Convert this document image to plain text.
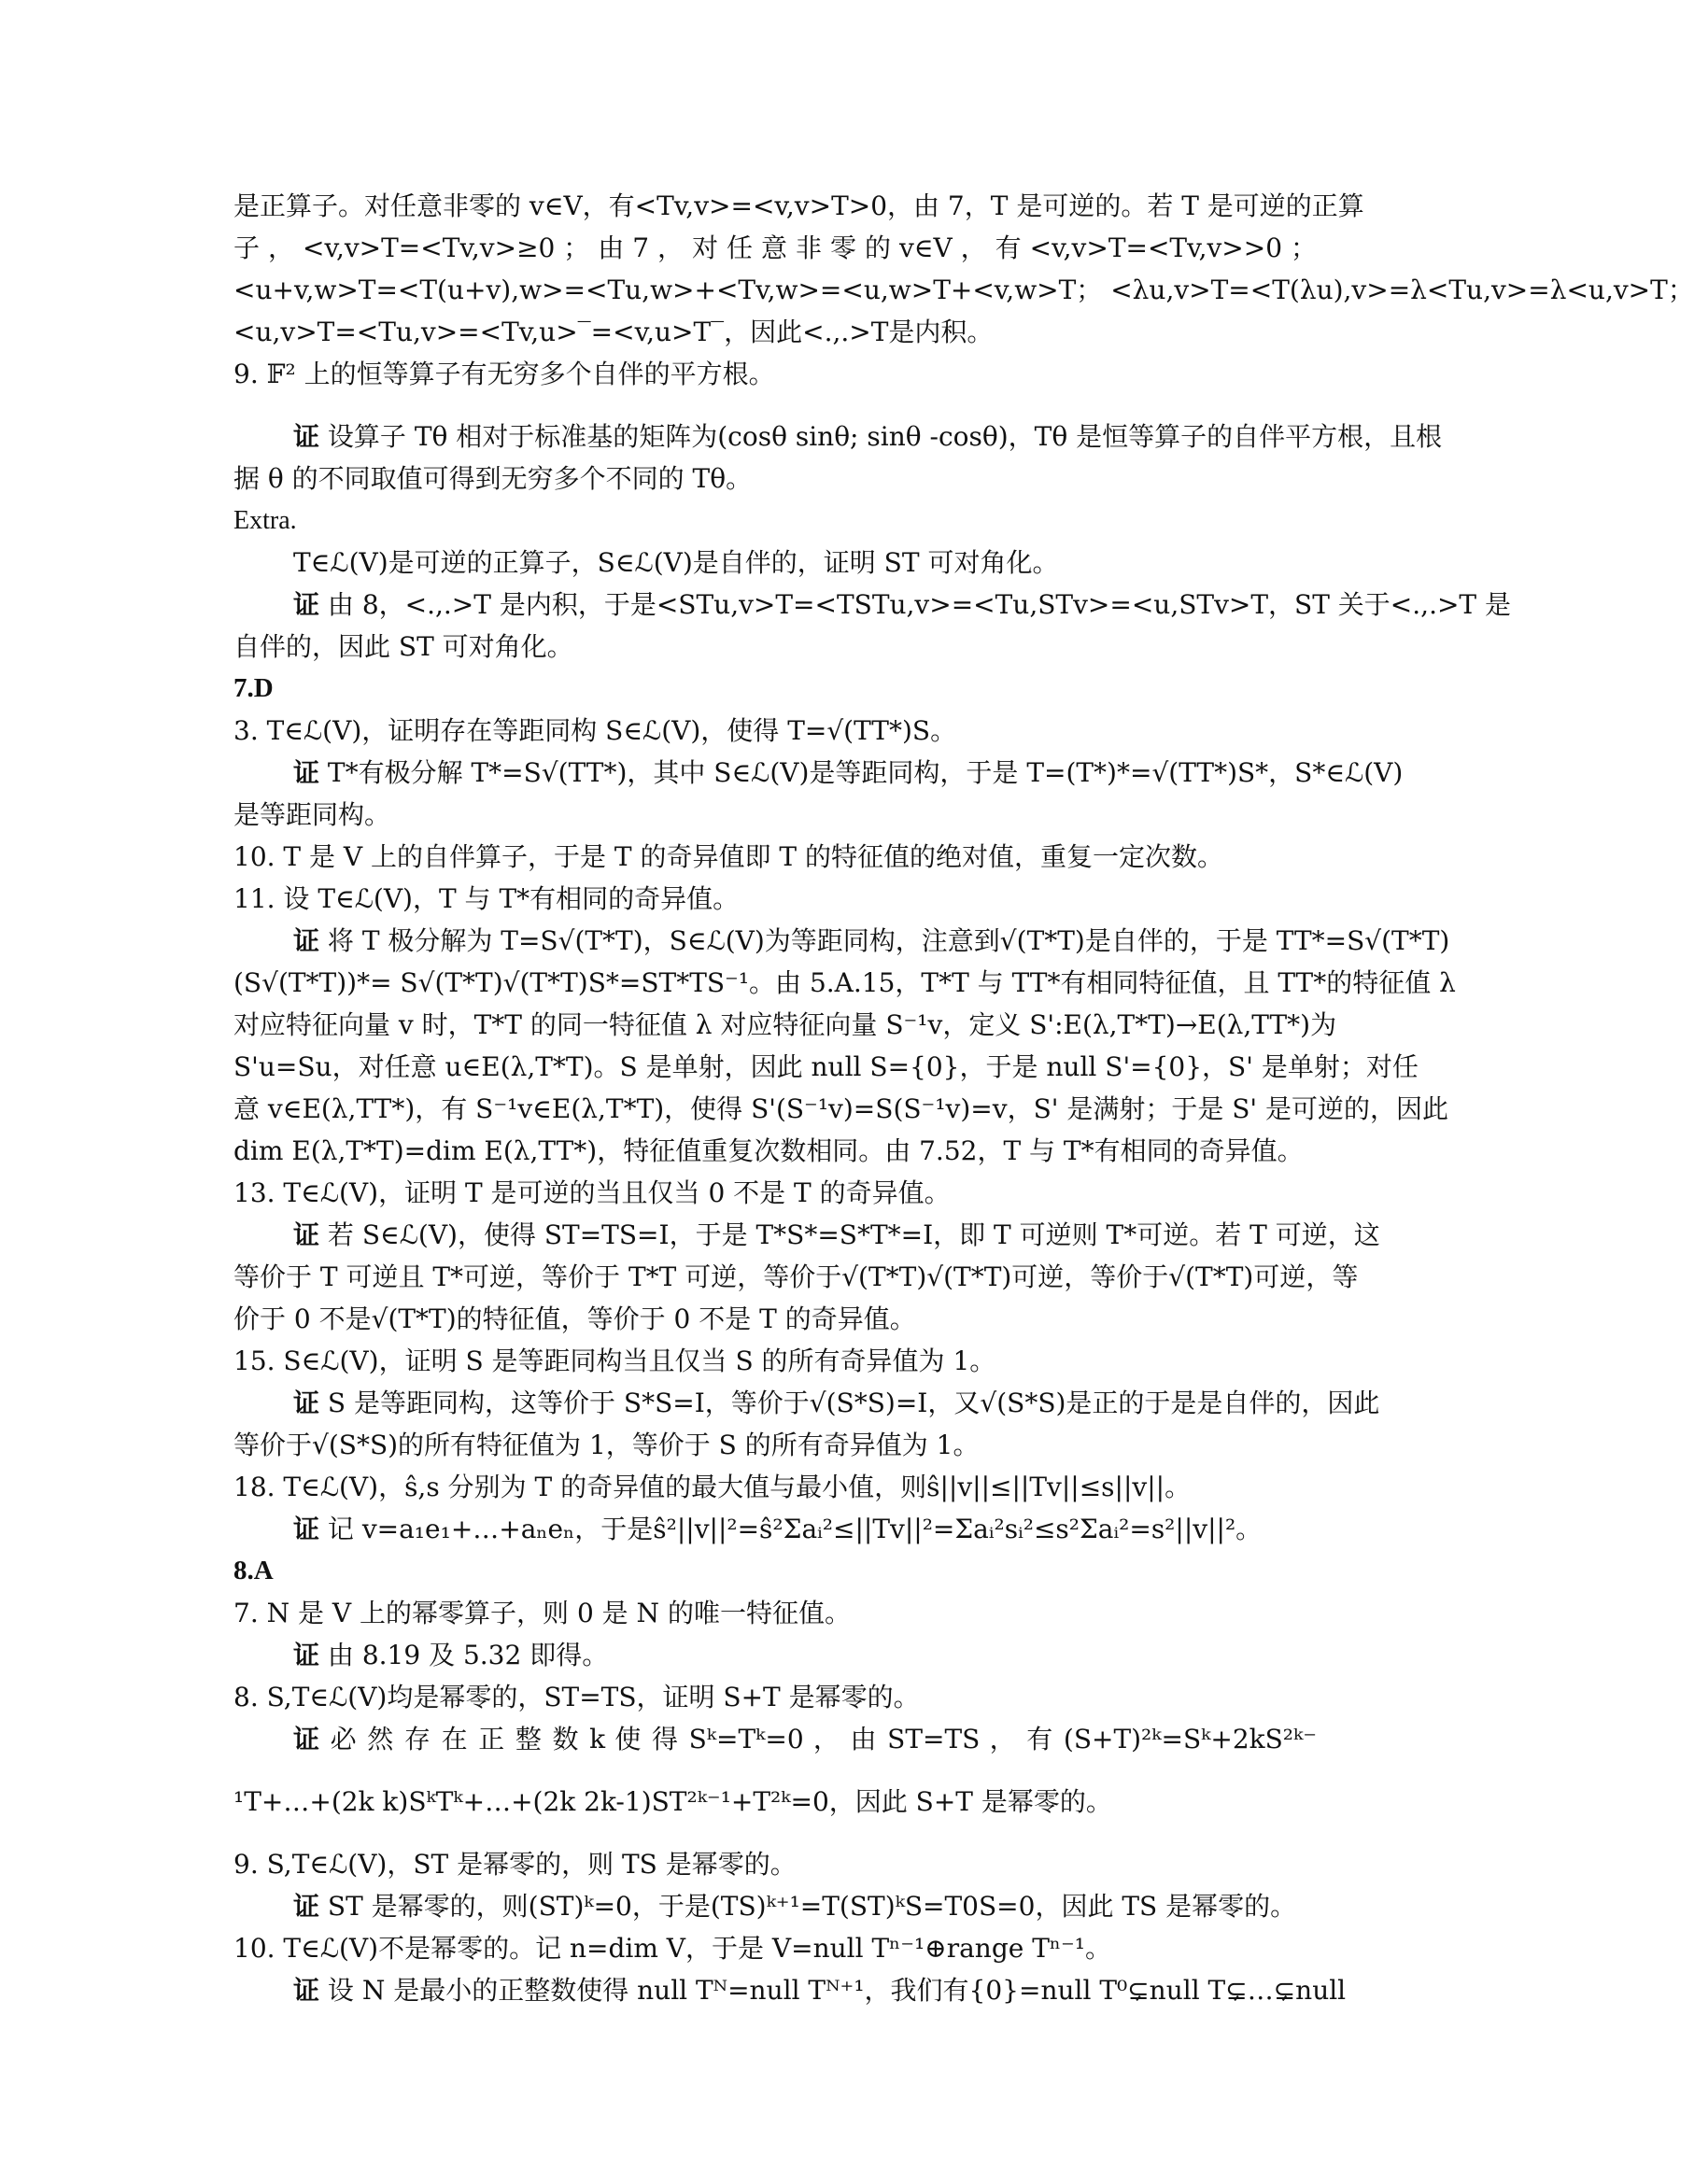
是正算子。对任意非零的 v∈V，有<Tv,v>=<v,v>T>0，由 7，T 是可逆的。若 T 是可逆的正算
子 ， <v,v>T=<Tv,v>≥0 ； 由 7 ， 对 任 意 非 零 的 v∈V ， 有 <v,v>T=<Tv,v>>0 ；
<u+v,w>T=<T(u+v),w>=<Tu,w>+<Tv,w>=<u,w>T+<v,w>T； <λu,v>T=<T(λu),v>=λ<Tu,v>=λ<u,v>T；
<u,v>T=<Tu,v>=<Tv,u>‾=<v,u>T‾，因此<.,.>T是内积。
9. 𝔽² 上的恒等算子有无穷多个自伴的平方根。
证 设算子 Tθ 相对于标准基的矩阵为(cosθ sinθ; sinθ -cosθ)，Tθ 是恒等算子的自伴平方根，且根
据 θ 的不同取值可得到无穷多个不同的 Tθ。
Extra.
T∈ℒ(V)是可逆的正算子，S∈ℒ(V)是自伴的，证明 ST 可对角化。
证 由 8，<.,.>T 是内积，于是<STu,v>T=<TSTu,v>=<Tu,STv>=<u,STv>T，ST 关于<.,.>T 是
自伴的，因此 ST 可对角化。
7.D
3. T∈ℒ(V)，证明存在等距同构 S∈ℒ(V)，使得 T=√(TT*)S。
证 T*有极分解 T*=S√(TT*)，其中 S∈ℒ(V)是等距同构，于是 T=(T*)*=√(TT*)S*，S*∈ℒ(V)
是等距同构。
10. T 是 V 上的自伴算子，于是 T 的奇异值即 T 的特征值的绝对值，重复一定次数。
11. 设 T∈ℒ(V)，T 与 T*有相同的奇异值。
证 将 T 极分解为 T=S√(T*T)，S∈ℒ(V)为等距同构，注意到√(T*T)是自伴的，于是 TT*=S√(T*T)
(S√(T*T))*= S√(T*T)√(T*T)S*=ST*TS⁻¹。由 5.A.15，T*T 与 TT*有相同特征值，且 TT*的特征值 λ
对应特征向量 v 时，T*T 的同一特征值 λ 对应特征向量 S⁻¹v，定义 S':E(λ,T*T)→E(λ,TT*)为
S'u=Su，对任意 u∈E(λ,T*T)。S 是单射，因此 null S={0}，于是 null S'={0}，S' 是单射；对任
意 v∈E(λ,TT*)，有 S⁻¹v∈E(λ,T*T)，使得 S'(S⁻¹v)=S(S⁻¹v)=v，S' 是满射；于是 S' 是可逆的，因此
dim E(λ,T*T)=dim E(λ,TT*)，特征值重复次数相同。由 7.52，T 与 T*有相同的奇异值。
13. T∈ℒ(V)，证明 T 是可逆的当且仅当 0 不是 T 的奇异值。
证 若 S∈ℒ(V)，使得 ST=TS=I，于是 T*S*=S*T*=I，即 T 可逆则 T*可逆。若 T 可逆，这
等价于 T 可逆且 T*可逆，等价于 T*T 可逆，等价于√(T*T)√(T*T)可逆，等价于√(T*T)可逆，等
价于 0 不是√(T*T)的特征值，等价于 0 不是 T 的奇异值。
15. S∈ℒ(V)，证明 S 是等距同构当且仅当 S 的所有奇异值为 1。
证 S 是等距同构，这等价于 S*S=I，等价于√(S*S)=I，又√(S*S)是正的于是是自伴的，因此
等价于√(S*S)的所有特征值为 1，等价于 S 的所有奇异值为 1。
18. T∈ℒ(V)，ŝ,s 分别为 T 的奇异值的最大值与最小值，则ŝ||v||≤||Tv||≤s||v||。
证 记 v=a₁e₁+…+aₙeₙ，于是ŝ²||v||²=ŝ²Σaᵢ²≤||Tv||²=Σaᵢ²sᵢ²≤s²Σaᵢ²=s²||v||²。
8.A
7. N 是 V 上的幂零算子，则 0 是 N 的唯一特征值。
证 由 8.19 及 5.32 即得。
8. S,T∈ℒ(V)均是幂零的，ST=TS，证明 S+T 是幂零的。
证 必 然 存 在 正 整 数 k 使 得 Sᵏ=Tᵏ=0 ， 由 ST=TS ， 有 (S+T)²ᵏ=Sᵏ+2kS²ᵏ⁻
¹T+…+(2k k)SᵏTᵏ+…+(2k 2k-1)ST²ᵏ⁻¹+T²ᵏ=0，因此 S+T 是幂零的。
9. S,T∈ℒ(V)，ST 是幂零的，则 TS 是幂零的。
证 ST 是幂零的，则(ST)ᵏ=0，于是(TS)ᵏ⁺¹=T(ST)ᵏS=T0S=0，因此 TS 是幂零的。
10. T∈ℒ(V)不是幂零的。记 n=dim V，于是 V=null Tⁿ⁻¹⊕range Tⁿ⁻¹。
证 设 N 是最小的正整数使得 null Tᴺ=null Tᴺ⁺¹，我们有{0}=null T⁰⊊null T⊊…⊊null
